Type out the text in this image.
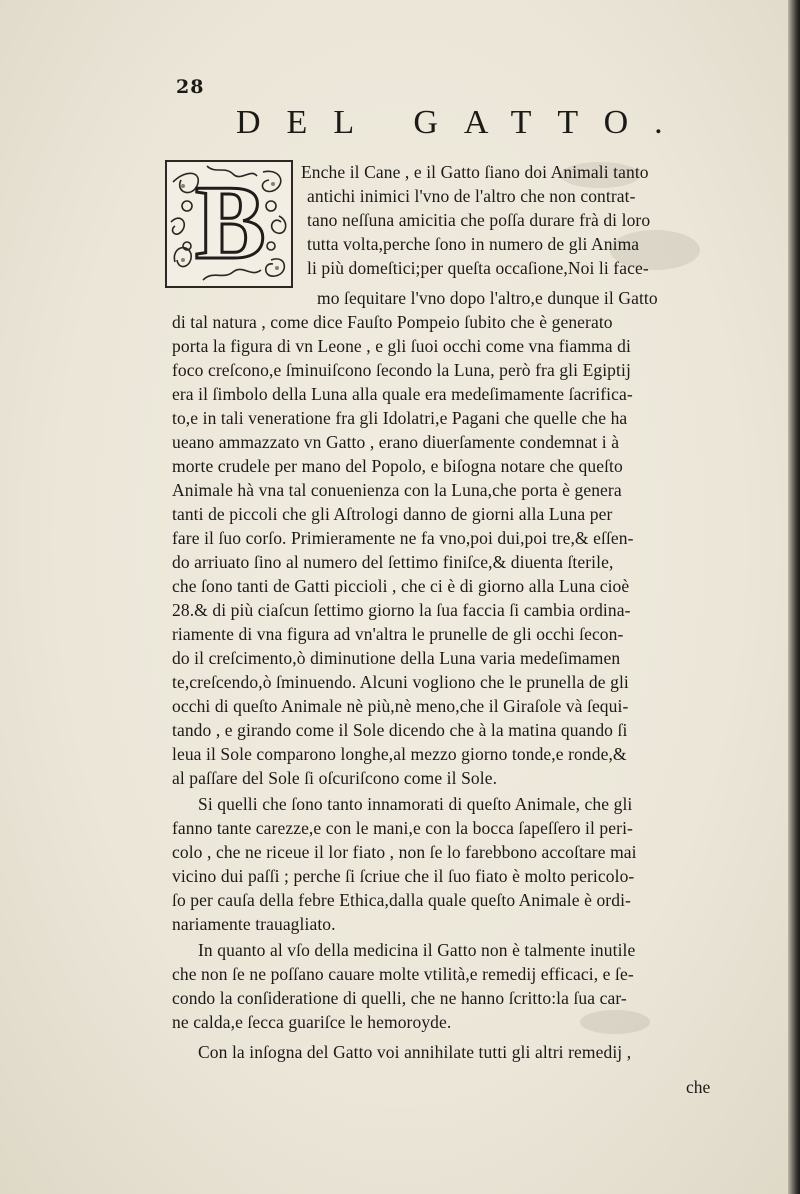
28
DEL GATTO.
B Enche il Cane , e il Gatto ſiano doi Animali tanto
antichi inimici l'vno de l'altro che non contrat-
tano neſſuna amicitia che poſſa durare frà di loro
tutta volta,perche ſono in numero de gli Anima
li più domeſtici;per queſta occaſione,Noi li face-
mo ſequitare l'vno dopo l'altro,e dunque il Gatto
di tal natura , come dice Fauſto Pompeio ſubito che è generato
porta la figura di vn Leone , e gli ſuoi occhi come vna fiamma di
foco creſcono,e ſminuiſcono ſecondo la Luna, però fra gli Egiptij
era il ſimbolo della Luna alla quale era medeſimamente ſacrifica-
to,e in tali veneratione fra gli Idolatri,e Pagani che quelle che ha
ueano ammazzato vn Gatto , erano diuerſamente condemnat i à
morte crudele per mano del Popolo, e biſogna notare che queſto
Animale hà vna tal conuenienza con la Luna,che porta è genera
tanti de piccoli che gli Aſtrologi danno de giorni alla Luna per
fare il ſuo corſo. Primieramente ne fa vno,poi dui,poi tre,& eſſen-
do arriuato ſino al numero del ſettimo finiſce,& diuenta ſterile,
che ſono tanti de Gatti piccioli , che ci è di giorno alla Luna cioè
28.& di più ciaſcun ſettimo giorno la ſua faccia ſi cambia ordina-
riamente di vna figura ad vn'altra le prunelle de gli occhi ſecon-
do il creſcimento,ò diminutione della Luna varia medeſimamen
te,creſcendo,ò ſminuendo. Alcuni vogliono che le prunella de gli
occhi di queſto Animale nè più,nè meno,che il Giraſole và ſequi-
tando , e girando come il Sole dicendo che à la matina quando ſi
leua il Sole comparono longhe,al mezzo giorno tonde,e ronde,&
al paſſare del Sole ſi oſcuriſcono come il Sole.
Si quelli che ſono tanto innamorati di queſto Animale, che gli
fanno tante carezze,e con le mani,e con la bocca ſapeſſero il peri-
colo , che ne riceue il lor fiato , non ſe lo farebbono accoſtare mai
vicino dui paſſi ; perche ſi ſcriue che il ſuo fiato è molto pericolo-
ſo per cauſa della febre Ethica,dalla quale queſto Animale è ordi-
nariamente trauagliato.
In quanto al vſo della medicina il Gatto non è talmente inutile
che non ſe ne poſſano cauare molte vtilità,e remedij efficaci, e ſe-
condo la conſideratione di quelli, che ne hanno ſcritto:la ſua car-
ne calda,e ſecca guariſce le hemoroyde.
Con la inſogna del Gatto voi annihilate tutti gli altri remedij ,
che
